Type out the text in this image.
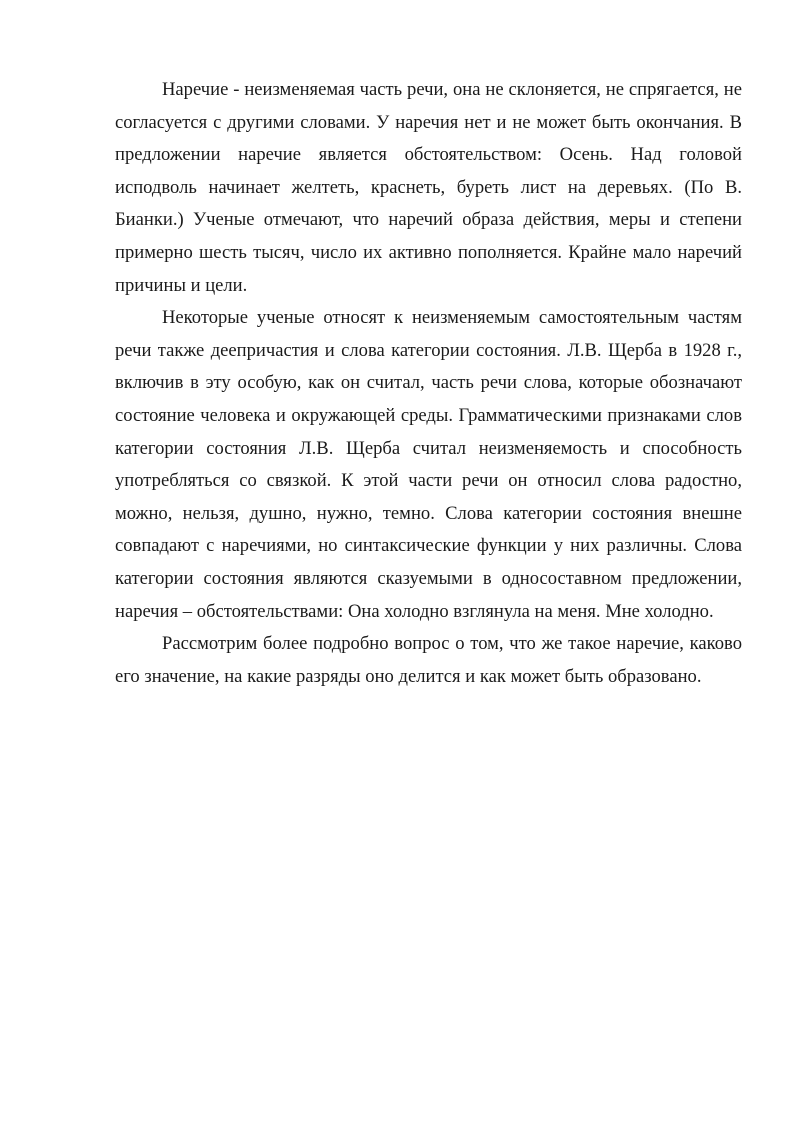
Наречие - неизменяемая часть речи, она не склоняется, не спрягается, не согласуется с другими словами. У наречия нет и не может быть окончания. В предложении наречие является обстоятельством: Осень. Над головой исподволь начинает желтеть, краснеть, буреть лист на деревьях. (По В. Бианки.) Ученые отмечают, что наречий образа действия, меры и степени примерно шесть тысяч, число их активно пополняется. Крайне мало наречий причины и цели.

Некоторые ученые относят к неизменяемым самостоятельным частям речи также деепричастия и слова категории состояния. Л.В. Щерба в 1928 г., включив в эту особую, как он считал, часть речи слова, которые обозначают состояние человека и окружающей среды. Грамматическими признаками слов категории состояния Л.В. Щерба считал неизменяемость и способность употребляться со связкой. К этой части речи он относил слова радостно, можно, нельзя, душно, нужно, темно. Слова категории состояния внешне совпадают с наречиями, но синтаксические функции у них различны. Слова категории состояния являются сказуемыми в односоставном предложении, наречия – обстоятельствами: Она холодно взглянула на меня. Мне холодно.

Рассмотрим более подробно вопрос о том, что же такое наречие, каково его значение, на какие разряды оно делится и как может быть образовано.
